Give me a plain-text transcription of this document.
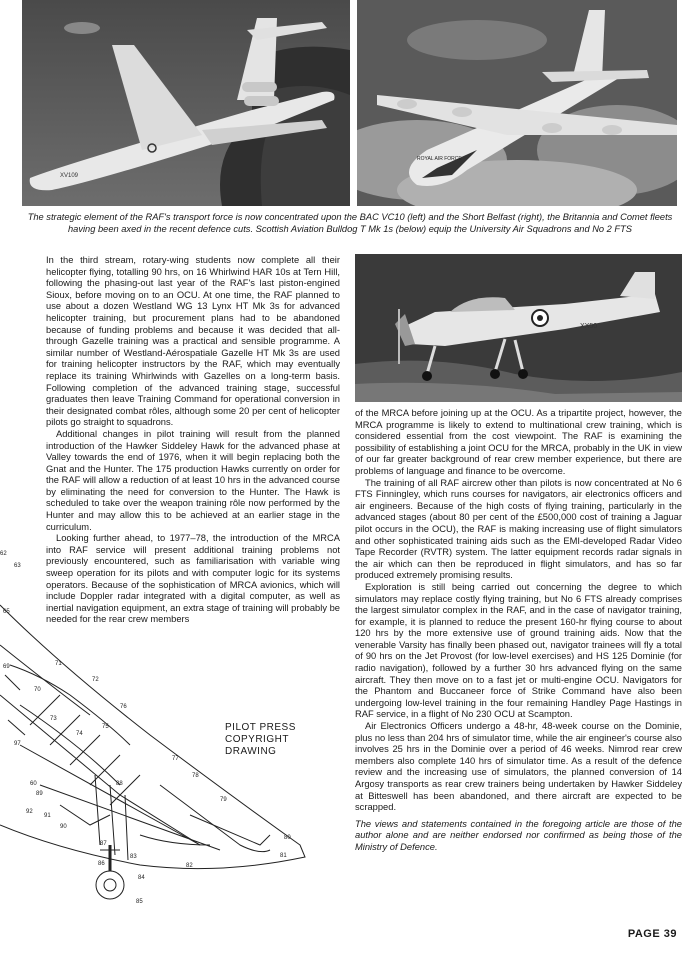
XV109
ROYAL AIR FORCE
The strategic element of the RAF's transport force is now concentrated upon the BAC VC10 (left) and the Short Belfast (right), the Britannia and Comet fleets having been axed in the recent defence cuts. Scottish Aviation Bulldog T Mk 1s (below) equip the University Air Squadrons and No 2 FTS
XX50

In the third stream, rotary-wing students now complete all their helicopter flying, totalling 90 hrs, on 16 Whirlwind HAR 10s at Tern Hill, following the phasing-out last year of the RAF's last piston-engined Sioux, before moving on to an OCU. At one time, the RAF planned to use about a dozen Westland WG 13 Lynx HT Mk 3s for advanced helicopter training, but procurement plans had to be abandoned because of funding problems and because it was decided that all-through Gazelle training was a practical and sensible programme. A similar number of Westland-Aérospatiale Gazelle HT Mk 3s are used for training helicopter instructors by the RAF, which may eventually replace its training Whirlwinds with Gazelles on a long-term basis. Following completion of the advanced training stage, successful graduates then leave Training Command for operational conversion in their designated combat rôles, although some 20 per cent of helicopter pilots go straight to squadrons.

Additional changes in pilot training will result from the planned introduction of the Hawker Siddeley Hawk for the advanced phase at Valley towards the end of 1976, when it will begin replacing both the Gnat and the Hunter. The 175 production Hawks currently on order for the RAF will allow a reduction of at least 10 hrs in the advanced course by eliminating the need for conversion to the Hunter. The Hawk is scheduled to take over the weapon training rôle now performed by the Hunter and may allow this to be achieved at an earlier stage in the curriculum.

Looking further ahead, to 1977–78, the introduction of the MRCA into RAF service will present additional training problems not previously encountered, such as familiarisation with variable wing sweep operation for its pilots and with computer logic for its systems operators. Because of the sophistication of MRCA avionics, which will include Doppler radar integrated with a digital computer, as well as inertial navigation equipment, an extra stage of training will probably be needed for the rear crew members

of the MRCA before joining up at the OCU. As a tripartite project, however, the MRCA programme is likely to extend to multinational crew training, which is considered essential from the cost viewpoint. The RAF is examining the possibility of establishing a joint OCU for the MRCA, probably in the UK in view of our far greater background of rear crew member experience, but there are problems of language and finance to be overcome.

The training of all RAF aircrew other than pilots is now concentrated at No 6 FTS Finningley, which runs courses for navigators, air electronics officers and air engineers. Because of the high costs of flying training, particularly in the advanced stages (about 80 per cent of the £500,000 cost of training a Jaguar pilot occurs in the OCU), the RAF is making increasing use of flight simulators and other sophisticated training aids such as the EMI-developed Radar Video Tape Recorder (RVTR) system. The latter equipment records radar signals in the air which can then be reproduced in flight simulators, and has so far produced extremely promising results.

Exploration is still being carried out concerning the degree to which simulators may replace costly flying training, but No 6 FTS already comprises the largest simulator complex in the RAF, and in the case of navigator training, for example, it is planned to reduce the present 160-hr flying course to about 120 hrs by the more extensive use of ground training aids. Now that the venerable Varsity has finally been phased out, navigator trainees will fly a total of 90 hrs on the Jet Provost (for low-level exercises) and HS 125 Dominie (for radio navigation), followed by a further 30 hrs advanced flying on the same aircraft. They then move on to a fast jet or multi-engine OCU. Navigators for the Phantom and Buccaneer force of Strike Command have also been undergoing low-level training in the four remaining Handley Page Hastings in RAF service, in a flight of No 230 OCU at Scampton.

Air Electronics Officers undergo a 48-hr, 48-week course on the Dominie, plus no less than 204 hrs of simulator time, while the air engineer's course also involves 25 hrs in the Dominie over a period of 46 weeks. Nimrod rear crew members also complete 140 hrs of simulator time. As a result of the defence review and the increasing use of simulators, the planned conversion of 14 Argosy transports as rear crew trainers being undertaken by Hawker Siddeley at Bitteswell has been abandoned, and there aircraft are expected to be scrapped.

The views and statements contained in the foregoing article are those of the author alone and are neither endorsed nor confirmed as being those of the Ministry of Defence.

62
63
65
69
70
71
72
73
74
75
76
77
78
79
80
81
82
83
84
85
86
87
88
89
90
91
92
97
60
PILOT PRESS
COPYRIGHT
DRAWING
PAGE 39
